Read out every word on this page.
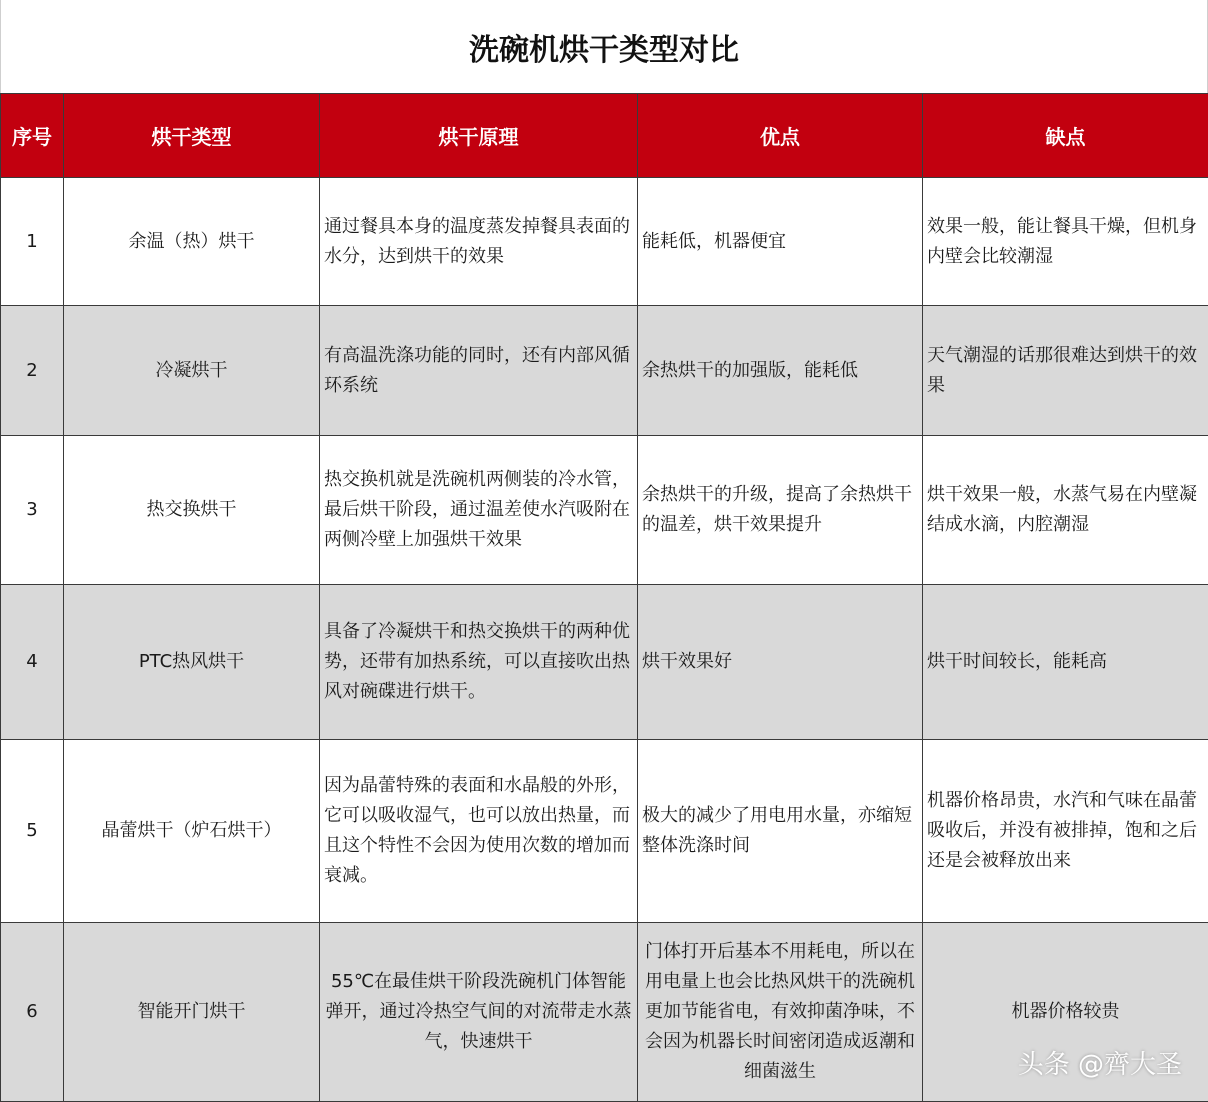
洗碗机烘干类型对比
序号	烘干类型	烘干原理	优点	缺点
1	余温（热）烘干	通过餐具本身的温度蒸发掉餐具表面的水分，达到烘干的效果	能耗低，机器便宜	效果一般，能让餐具干燥，但机身内壁会比较潮湿
2	冷凝烘干	有高温洗涤功能的同时，还有内部风循环系统	余热烘干的加强版，能耗低	天气潮湿的话那很难达到烘干的效果
3	热交换烘干	热交换机就是洗碗机两侧装的冷水管，最后烘干阶段，通过温差使水汽吸附在两侧冷壁上加强烘干效果	余热烘干的升级，提高了余热烘干的温差，烘干效果提升	烘干效果一般，水蒸气易在内壁凝结成水滴，内腔潮湿
4	PTC热风烘干	具备了冷凝烘干和热交换烘干的两种优势，还带有加热系统，可以直接吹出热风对碗碟进行烘干。	烘干效果好	烘干时间较长，能耗高
5	晶蕾烘干（炉石烘干）	因为晶蕾特殊的表面和水晶般的外形，它可以吸收湿气，也可以放出热量，而且这个特性不会因为使用次数的增加而衰减。	极大的减少了用电用水量，亦缩短整体洗涤时间	机器价格昂贵，水汽和气味在晶蕾吸收后，并没有被排掉，饱和之后还是会被释放出来
6	智能开门烘干	55℃在最佳烘干阶段洗碗机门体智能弹开，通过冷热空气间的对流带走水蒸气，快速烘干	门体打开后基本不用耗电，所以在用电量上也会比热风烘干的洗碗机更加节能省电，有效抑菌净味，不会因为机器长时间密闭造成返潮和细菌滋生	机器价格较贵
头条 @齊大圣
